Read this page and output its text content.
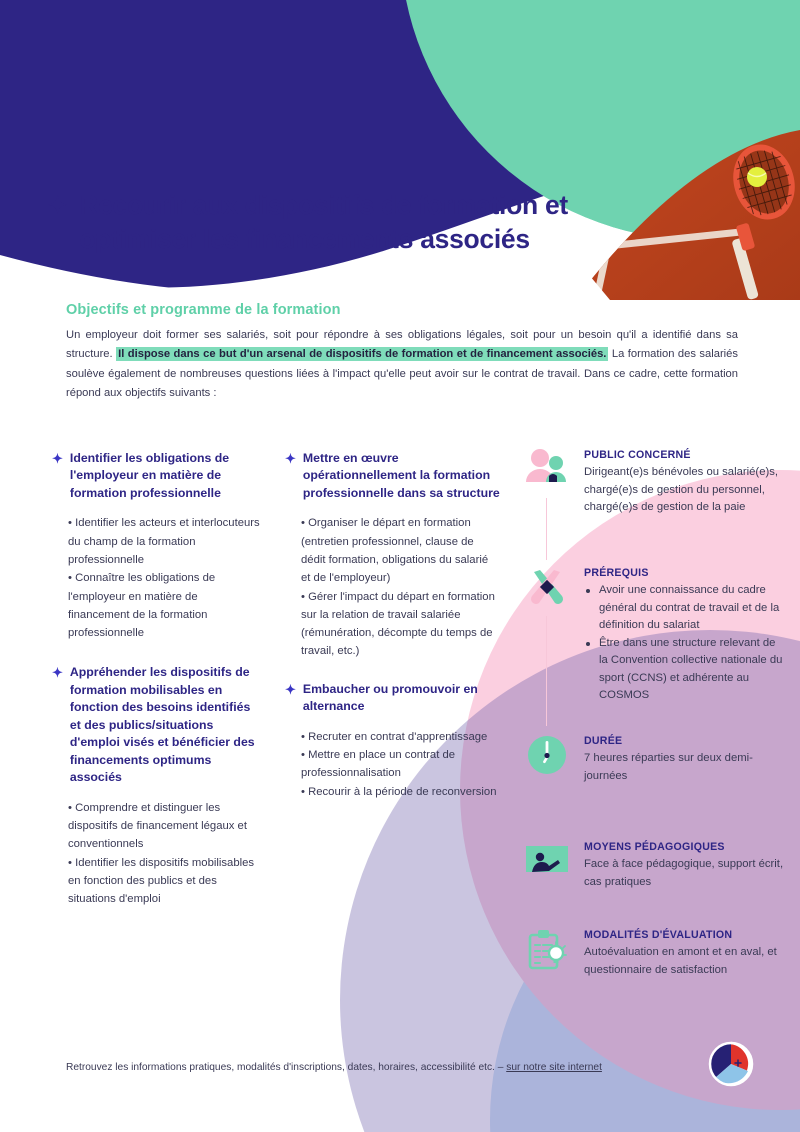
✦ Recourir aux dispositifs de formation et optimiser les financements associés
Objectifs et programme de la formation

Un employeur doit former ses salariés, soit pour répondre à ses obligations légales, soit pour un besoin qu'il a identifié dans sa structure. Il dispose dans ce but d'un arsenal de dispositifs de formation et de financement associés. La formation des salariés soulève également de nombreuses questions liées à l'impact qu'elle peut avoir sur le contrat de travail. Dans ce cadre, cette formation répond aux objectifs suivants :

✦ Identifier les obligations de l'employeur en matière de formation professionnelle
• Identifier les acteurs et interlocuteurs du champ de la formation professionnelle
• Connaître les obligations de l'employeur en matière de financement de la formation professionnelle
✦ Appréhender les dispositifs de formation mobilisables en fonction des besoins identifiés et des publics/situations d'emploi visés et bénéficier des financements optimums associés
• Comprendre et distinguer les dispositifs de financement légaux et conventionnels
• Identifier les dispositifs mobilisables en fonction des publics et des situations d'emploi
✦ Mettre en œuvre opérationnellement la formation professionnelle dans sa structure
• Organiser le départ en formation (entretien professionnel, clause de dédit formation, obligations du salarié et de l'employeur)
• Gérer l'impact du départ en formation sur la relation de travail salariée (rémunération, décompte du temps de travail, etc.)
✦ Embaucher ou promouvoir en alternance
• Recruter en contrat d'apprentissage
• Mettre en place un contrat de professionnalisation
• Recourir à la période de reconversion
PUBLIC CONCERNÉ
Dirigeant(e)s bénévoles ou salarié(e)s, chargé(e)s de gestion du personnel, chargé(e)s de gestion de la paie
PRÉREQUIS
Avoir une connaissance du cadre général du contrat de travail et de la définition du salariat
Être dans une structure relevant de la Convention collective nationale du sport (CCNS) et adhérente au COSMOS
DURÉE
7 heures réparties sur deux demi-journées
MOYENS PÉDAGOGIQUES
Face à face pédagogique, support écrit, cas pratiques
MODALITÉS D'ÉVALUATION
Autoévaluation en amont et en aval, et questionnaire de satisfaction
Retrouvez les informations pratiques, modalités d'inscriptions, dates, horaires, accessibilité etc. – sur notre site internet
